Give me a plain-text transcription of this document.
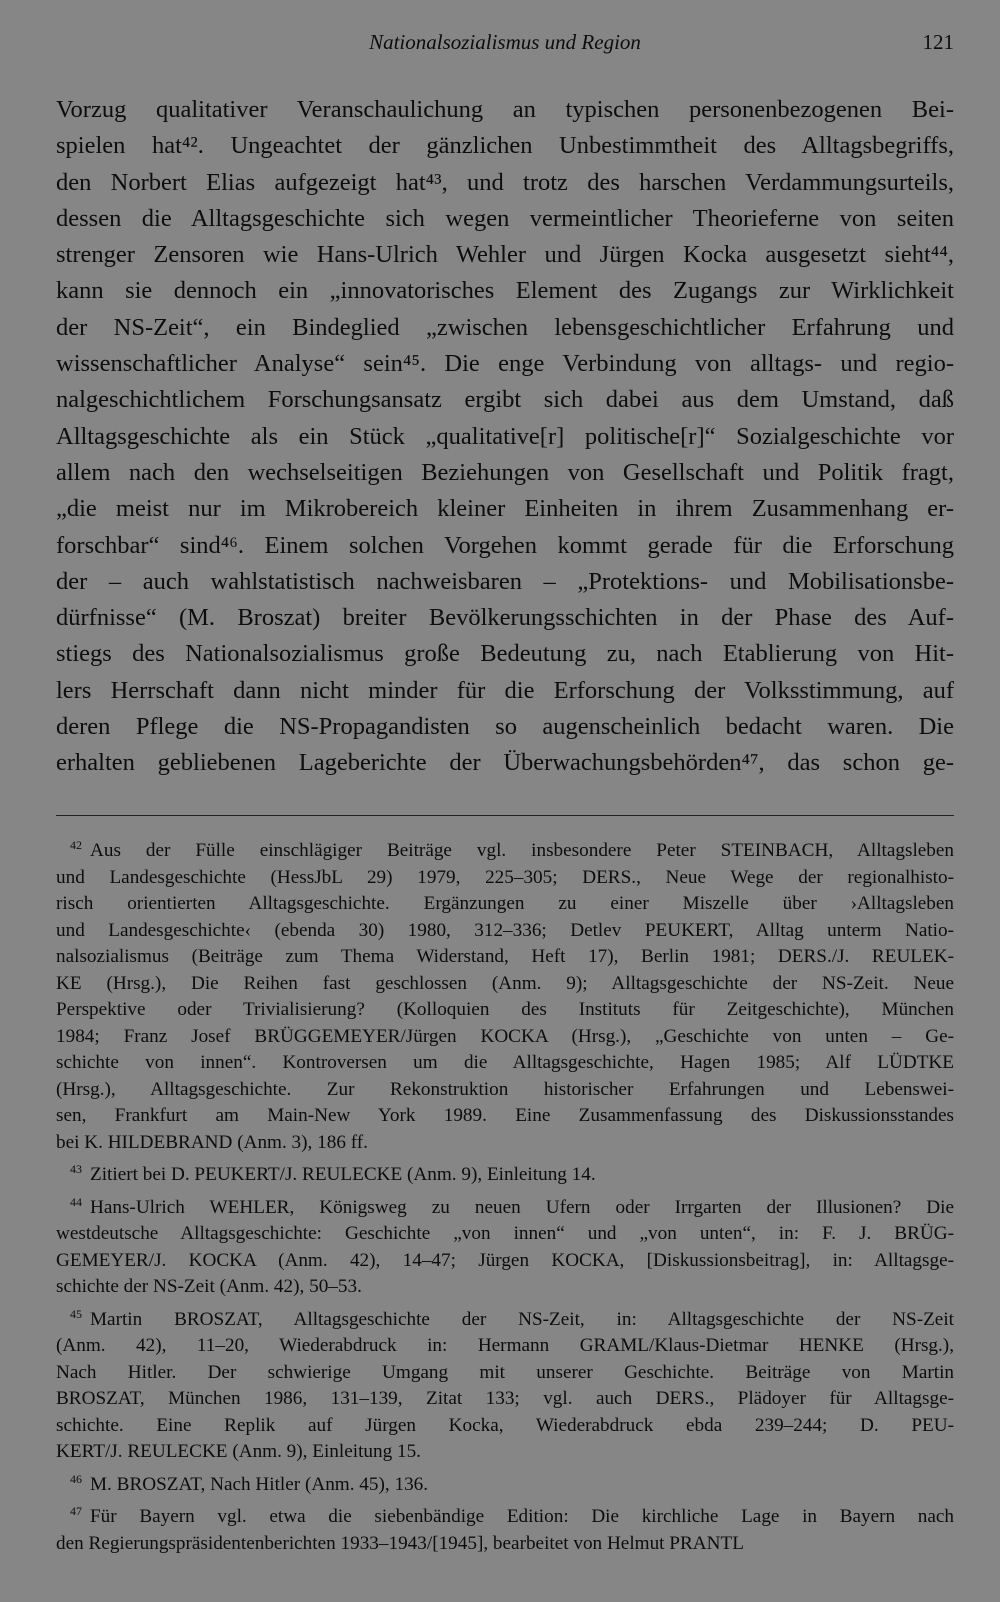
Nationalsozialismus und Region	121
Vorzug qualitativer Veranschaulichung an typischen personenbezogenen Bei-
spielen hat⁴². Ungeachtet der gänzlichen Unbestimmtheit des Alltagsbegriffs,
den Norbert Elias aufgezeigt hat⁴³, und trotz des harschen Verdammungsurteils,
dessen die Alltagsgeschichte sich wegen vermeintlicher Theorieferne von seiten
strenger Zensoren wie Hans-Ulrich Wehler und Jürgen Kocka ausgesetzt sieht⁴⁴,
kann sie dennoch ein „innovatorisches Element des Zugangs zur Wirklichkeit
der NS-Zeit“, ein Bindeglied „zwischen lebensgeschichtlicher Erfahrung und
wissenschaftlicher Analyse“ sein⁴⁵. Die enge Verbindung von alltags- und regio-
nalgeschichtlichem Forschungsansatz ergibt sich dabei aus dem Umstand, daß
Alltagsgeschichte als ein Stück „qualitative[r] politische[r]“ Sozialgeschichte vor
allem nach den wechselseitigen Beziehungen von Gesellschaft und Politik fragt,
„die meist nur im Mikrobereich kleiner Einheiten in ihrem Zusammenhang er-
forschbar“ sind⁴⁶. Einem solchen Vorgehen kommt gerade für die Erforschung
der – auch wahlstatistisch nachweisbaren – „Protektions- und Mobilisationsbe-
dürfnisse“ (M. Broszat) breiter Bevölkerungsschichten in der Phase des Auf-
stiegs des Nationalsozialismus große Bedeutung zu, nach Etablierung von Hit-
lers Herrschaft dann nicht minder für die Erforschung der Volksstimmung, auf
deren Pflege die NS-Propagandisten so augenscheinlich bedacht waren. Die
erhalten gebliebenen Lageberichte der Überwachungsbehörden⁴⁷, das schon ge-
$^{42}$ Aus der Fülle einschlägiger Beiträge vgl. insbesondere Peter STEINBACH, Alltagsleben
und Landesgeschichte (HessJbL 29) 1979, 225–305; DERS., Neue Wege der regionalhisto-
risch orientierten Alltagsgeschichte. Ergänzungen zu einer Miszelle über ›Alltagsleben
und Landesgeschichte‹ (ebenda 30) 1980, 312–336; Detlev PEUKERT, Alltag unterm Natio-
nalsozialismus (Beiträge zum Thema Widerstand, Heft 17), Berlin 1981; DERS./J. REULEK-
KE (Hrsg.), Die Reihen fast geschlossen (Anm. 9); Alltagsgeschichte der NS-Zeit. Neue
Perspektive oder Trivialisierung? (Kolloquien des Instituts für Zeitgeschichte), München
1984; Franz Josef BRÜGGEMEYER/Jürgen KOCKA (Hrsg.), „Geschichte von unten – Ge-
schichte von innen“. Kontroversen um die Alltagsgeschichte, Hagen 1985; Alf LÜDTKE
(Hrsg.), Alltagsgeschichte. Zur Rekonstruktion historischer Erfahrungen und Lebenswei-
sen, Frankfurt am Main-New York 1989. Eine Zusammenfassung des Diskussionsstandes
bei K. HILDEBRAND (Anm. 3), 186 ff.
$^{43}$ Zitiert bei D. PEUKERT/J. REULECKE (Anm. 9), Einleitung 14.
$^{44}$ Hans-Ulrich WEHLER, Königsweg zu neuen Ufern oder Irrgarten der Illusionen? Die
westdeutsche Alltagsgeschichte: Geschichte „von innen“ und „von unten“, in: F. J. BRÜG-
GEMEYER/J. KOCKA (Anm. 42), 14–47; Jürgen KOCKA, [Diskussionsbeitrag], in: Alltagsge-
schichte der NS-Zeit (Anm. 42), 50–53.
$^{45}$ Martin BROSZAT, Alltagsgeschichte der NS-Zeit, in: Alltagsgeschichte der NS-Zeit
(Anm. 42), 11–20, Wiederabdruck in: Hermann GRAML/Klaus-Dietmar HENKE (Hrsg.),
Nach Hitler. Der schwierige Umgang mit unserer Geschichte. Beiträge von Martin
BROSZAT, München 1986, 131–139, Zitat 133; vgl. auch DERS., Plädoyer für Alltagsge-
schichte. Eine Replik auf Jürgen Kocka, Wiederabdruck ebda 239–244; D. PEU-
KERT/J. REULECKE (Anm. 9), Einleitung 15.
$^{46}$ M. BROSZAT, Nach Hitler (Anm. 45), 136.
$^{47}$ Für Bayern vgl. etwa die siebenbändige Edition: Die kirchliche Lage in Bayern nach
den Regierungspräsidentenberichten 1933–1943/[1945], bearbeitet von Helmut PRANTL
